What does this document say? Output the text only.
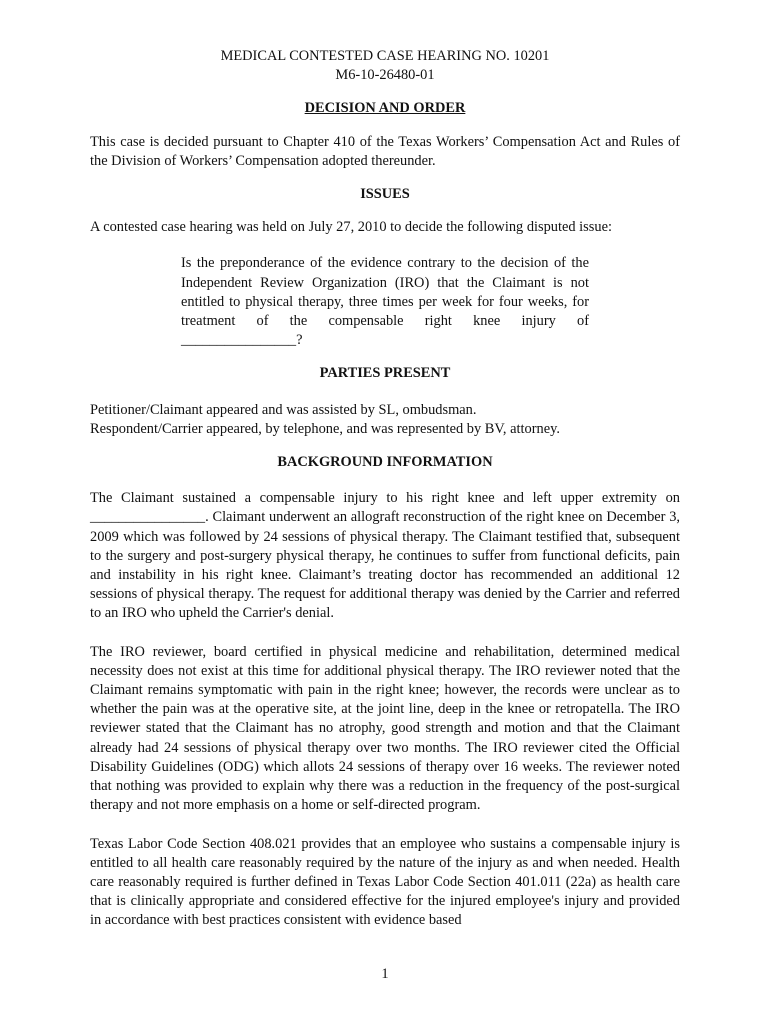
MEDICAL CONTESTED CASE HEARING NO. 10201

M6-10-26480-01

DECISION AND ORDER

This case is decided pursuant to Chapter 410 of the Texas Workers’ Compensation Act and Rules of the Division of Workers’ Compensation adopted thereunder.

ISSUES

A contested case hearing was held on July 27, 2010 to decide the following disputed issue:

Is the preponderance of the evidence contrary to the decision of the Independent Review Organization (IRO) that the Claimant is not entitled to physical therapy, three times per week for four weeks, for treatment of the compensable right knee injury of ________________?

PARTIES PRESENT

Petitioner/Claimant appeared and was assisted by SL, ombudsman.

Respondent/Carrier appeared, by telephone, and was represented by BV, attorney.

BACKGROUND INFORMATION

The Claimant sustained a compensable injury to his right knee and left upper extremity on ________________. Claimant underwent an allograft reconstruction of the right knee on December 3, 2009 which was followed by 24 sessions of physical therapy. The Claimant testified that, subsequent to the surgery and post-surgery physical therapy, he continues to suffer from functional deficits, pain and instability in his right knee. Claimant’s treating doctor has recommended an additional 12 sessions of physical therapy. The request for additional therapy was denied by the Carrier and referred to an IRO who upheld the Carrier's denial.

The IRO reviewer, board certified in physical medicine and rehabilitation, determined medical necessity does not exist at this time for additional physical therapy. The IRO reviewer noted that the Claimant remains symptomatic with pain in the right knee; however, the records were unclear as to whether the pain was at the operative site, at the joint line, deep in the knee or retropatella. The IRO reviewer stated that the Claimant has no atrophy, good strength and motion and that the Claimant already had 24 sessions of physical therapy over two months. The IRO reviewer cited the Official Disability Guidelines (ODG) which allots 24 sessions of therapy over 16 weeks. The reviewer noted that nothing was provided to explain why there was a reduction in the frequency of the post-surgical therapy and not more emphasis on a home or self-directed program.

Texas Labor Code Section 408.021 provides that an employee who sustains a compensable injury is entitled to all health care reasonably required by the nature of the injury as and when needed. Health care reasonably required is further defined in Texas Labor Code Section 401.011 (22a) as health care that is clinically appropriate and considered effective for the injured employee's injury and provided in accordance with best practices consistent with evidence based

1
